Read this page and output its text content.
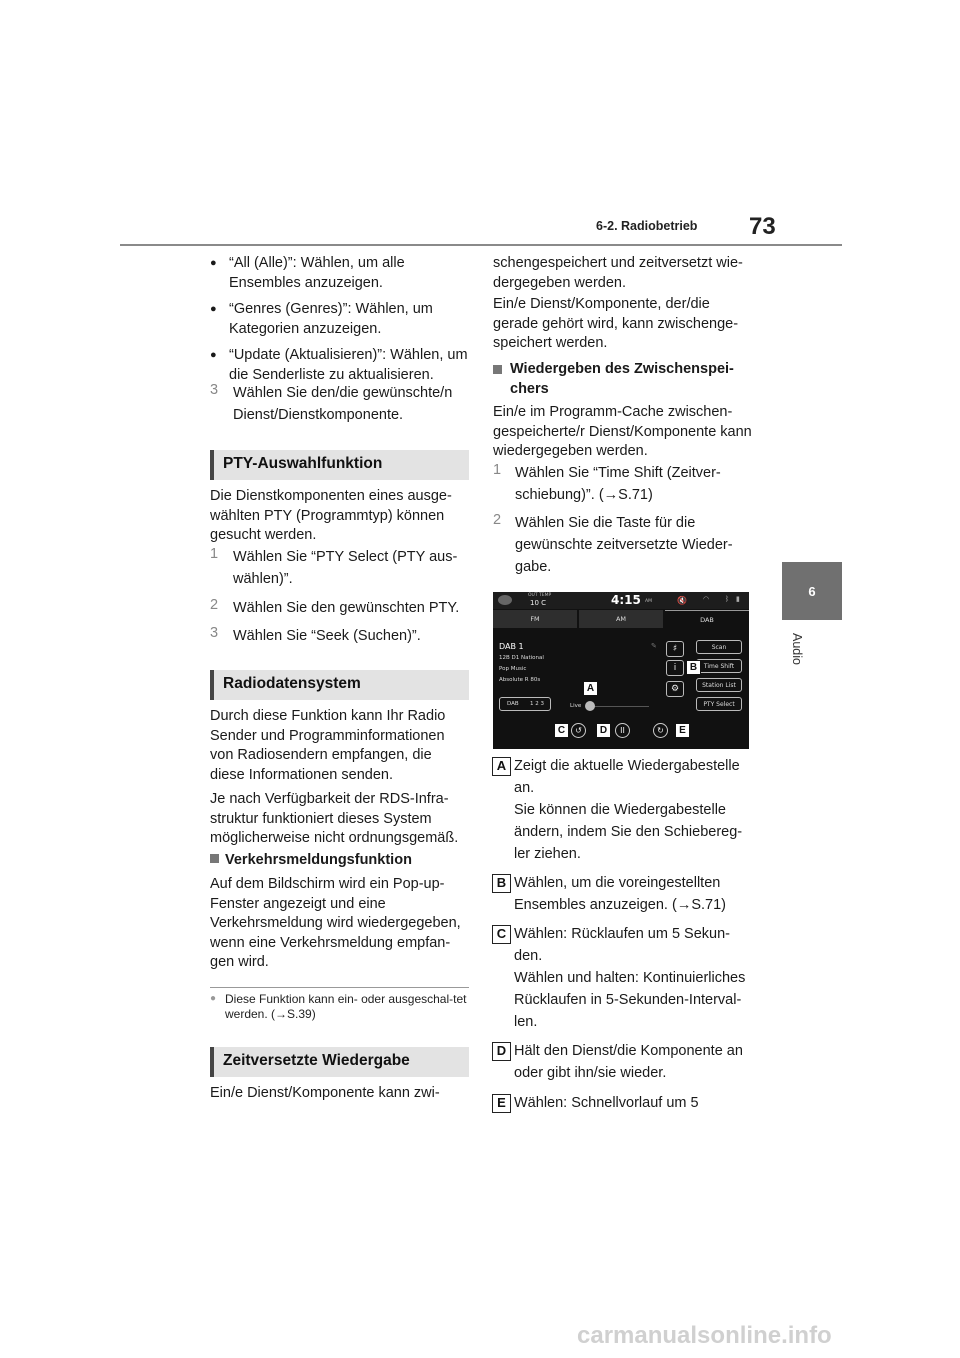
73
6-2. Radiobetrieb
6
Audio
● “All (Alle)”: Wählen, um alle Ensembles anzuzeigen.

● “Genres (Genres)”: Wählen, um Kategorien anzuzeigen.

● “Update (Aktualisieren)”: Wählen, um die Senderliste zu aktualisieren.

3	Wählen Sie den/die gewünschte/n Dienst/Dienstkomponente.

PTY-Auswahlfunktion

Die Dienstkomponenten eines ausge-wählten PTY (Programmtyp) können gesucht werden.

1	Wählen Sie “PTY Select (PTY aus-wählen)”.

2	Wählen Sie den gewünschten PTY.

3	Wählen Sie “Seek (Suchen)”.

Radiodatensystem

Durch diese Funktion kann Ihr Radio Sender und Programminformationen von Radiosendern empfangen, die diese Informationen senden.

Je nach Verfügbarkeit der RDS-Infra-struktur funktioniert dieses System möglicherweise nicht ordnungsgemäß.

Verkehrsmeldungsfunktion

Auf dem Bildschirm wird ein Pop-up-Fenster angezeigt und eine Verkehrsmeldung wird wiedergegeben, wenn eine Verkehrsmeldung empfan-gen wird.

● Diese Funktion kann ein- oder ausgeschal-tet werden. (→S.39)

Zeitversetzte Wiedergabe

Ein/e Dienst/Komponente kann zwi-

schengespeichert und zeitversetzt wie-dergegeben werden.

Ein/e Dienst/Komponente, der/die gerade gehört wird, kann zwischenge-speichert werden.

Wiedergeben des Zwischenspei-chers

Ein/e im Programm-Cache zwischen-gespeicherte/r Dienst/Komponente kann wiedergegeben werden.

1 Wählen Sie “Time Shift (Zeitver-schiebung)”. (→S.71)

2 Wählen Sie die Taste für die gewünschte zeitversetzte Wieder-gabe.

OUT TEMP
10 C	4:15 AM	🔇 ◠ ᛒ ▮
FM	AM	DAB
DAB 1
12B D1 National
Pop Music
Absolute R 80s
DAB 1 2 3
✎
Live
♯
i
⚙
Scan
Time Shift
Station List
PTY Select
↺	II	↻
A
B
C	D	E
A Zeigt die aktuelle Wiedergabestelle an.

Sie können die Wiedergabestelle ändern, indem Sie den Schiebereg-ler ziehen.

B Wählen, um die voreingestellten Ensembles anzuzeigen. (→S.71)

C Wählen: Rücklaufen um 5 Sekun-den.

Wählen und halten: Kontinuierliches Rücklaufen in 5-Sekunden-Interval-len.

D Hält den Dienst/die Komponente an oder gibt ihn/sie wieder.

E Wählen: Schnellvorlauf um 5

carmanualsonline.info
